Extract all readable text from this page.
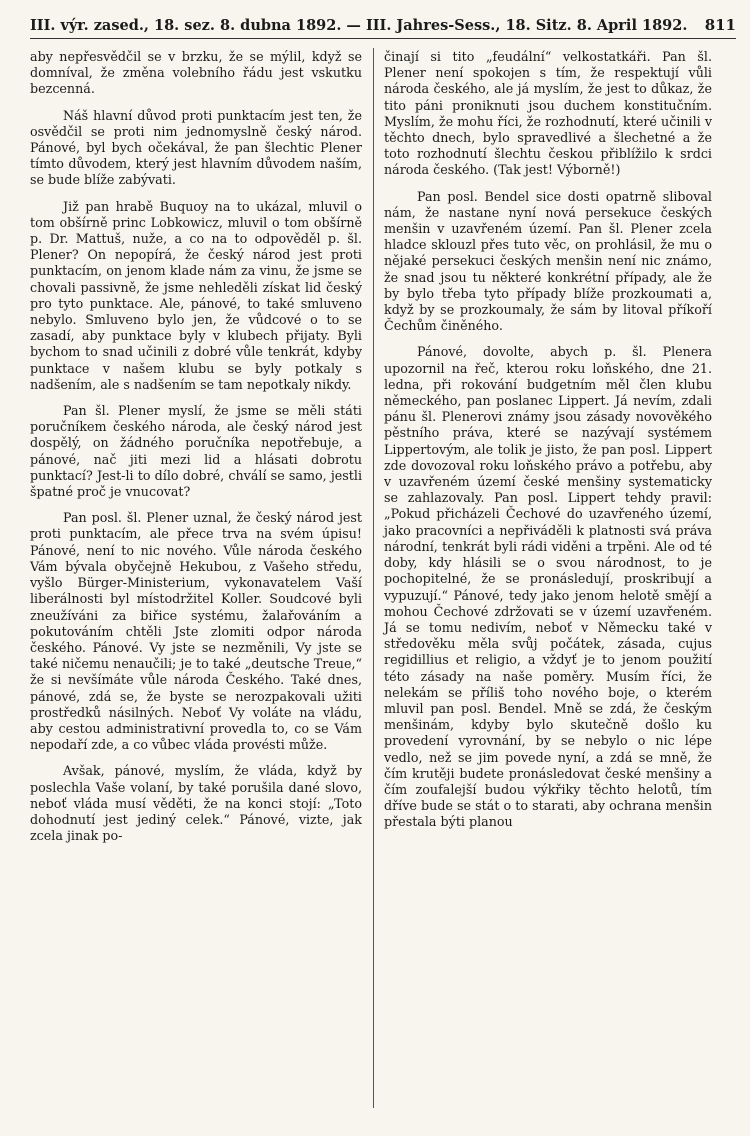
III. výr. zased., 18. sez. 8. dubna 1892. — III. Jahres-Sess., 18. Sitz. 8. April 1892. 811

aby nepřesvědčil se v brzku, že se mýlil, když se domníval, že změna volebního řádu jest vskutku bezcenná.

Náš hlavní důvod proti punktacím jest ten, že osvědčil se proti nim jednomyslně český národ. Pánové, byl bych očekával, že pan šlechtic Plener tímto důvodem, který jest hlavním důvodem naším, se bude blíže zabývati.

Již pan hrabě Buquoy na to ukázal, mluvil o tom obšírně princ Lobkowicz, mluvil o tom obšírně p. Dr. Mattuš, nuže, a co na to odpověděl p. šl. Plener? On nepopírá, že český národ jest proti punktacím, on jenom klade nám za vinu, že jsme se chovali passivně, že jsme nehleděli získat lid český pro tyto punktace. Ale, pánové, to také smluveno nebylo. Smluveno bylo jen, že vůdcové o to se zasadí, aby punktace byly v klubech přijaty. Byli bychom to snad učinili z dobré vůle tenkrát, kdyby punktace v našem klubu se byly potkaly s nadšením, ale s nadšením se tam nepotkaly nikdy.

Pan šl. Plener myslí, že jsme se měli státi poručníkem českého národa, ale český národ jest dospělý, on žádného poručníka nepotřebuje, a pánové, nač jiti mezi lid a hlásati dobrotu punktací? Jest-li to dílo dobré, chválí se samo, jestli špatné proč je vnucovat?

Pan posl. šl. Plener uznal, že český národ jest proti punktacím, ale přece trva na svém úpisu! Pánové, není to nic nového. Vůle národa českého Vám bývala obyčejně Hekubou, z Vašeho středu, vyšlo Bürger-Ministerium, vykonavatelem Vaší liberálnosti byl místodržitel Koller. Soudcové byli zneužíváni za biřice systému, žalařováním a pokutováním chtěli Jste zlomiti odpor národa českého. Pánové. Vy jste se nezměnili, Vy jste se také ničemu nenaučili; je to také „deutsche Treue,“ že si nevšímáte vůle národa Českého. Také dnes, pánové, zdá se, že byste se nerozpakovali užiti prostředků násilných. Neboť Vy voláte na vládu, aby cestou administrativní provedla to, co se Vám nepodaří zde, a co vůbec vláda provésti může.

Avšak, pánové, myslím, že vláda, když by poslechla Vaše volaní, by také porušila dané slovo, neboť vláda musí věděti, že na konci stojí: „Toto dohodnutí jest jediný celek.“ Pánové, vizte, jak zcela jinak po-

činají si tito „feudální“ velkostatkáři. Pan šl. Plener není spokojen s tím, že respektují vůli národa českého, ale já myslím, že jest to důkaz, že tito páni proniknuti jsou duchem konstitučním. Myslím, že mohu říci, že rozhodnutí, které učinili v těchto dnech, bylo spravedlivé a šlechetné a že toto rozhodnutí šlechtu českou přiblížilo k srdci národa českého. (Tak jest! Výborně!)

Pan posl. Bendel sice dosti opatrně sliboval nám, že nastane nyní nová persekuce českých menšin v uzavřeném území. Pan šl. Plener zcela hladce sklouzl přes tuto věc, on prohlásil, že mu o nějaké persekuci českých menšin není nic známo, že snad jsou tu některé konkrétní případy, ale že by bylo třeba tyto případy blíže prozkoumati a, když by se prozkoumaly, že sám by litoval příkoří Čechům činěného.

Pánové, dovolte, abych p. šl. Plenera upozornil na řeč, kterou roku loňského, dne 21. ledna, při rokování budgetním měl člen klubu německého, pan poslanec Lippert. Já nevím, zdali pánu šl. Plenerovi známy jsou zásady novověkého pěstního práva, které se nazývají systémem Lippertovým, ale tolik je jisto, že pan posl. Lippert zde dovozoval roku loňského právo a potřebu, aby v uzavřeném území české menšiny systematicky se zahlazovaly. Pan posl. Lippert tehdy pravil: „Pokud přicházeli Čechové do uzavřeného území, jako pracovníci a nepřiváděli k platnosti svá práva národní, tenkrát byli rádi viděni a trpěni. Ale od té doby, kdy hlásili se o svou národnost, to je pochopitelné, že se pronásledují, proskribují a vypuzují.“ Pánové, tedy jako jenom helotě smějí a mohou Čechové zdržovati se v území uzavřeném. Já se tomu nedivím, neboť v Německu také v středověku měla svůj počátek, zásada, cujus regidillius et religio, a vždyť je to jenom použití této zásady na naše poměry. Musím říci, že nelekám se příliš toho nového boje, o kterém mluvil pan posl. Bendel. Mně se zdá, že českým menšinám, kdyby bylo skutečně došlo ku provedení vyrovnání, by se nebylo o nic lépe vedlo, než se jim povede nyní, a zdá se mně, že čím krutěji budete pronásledovat české menšiny a čím zoufalejší budou výkřiky těchto helotů, tím dříve bude se stát o to starati, aby ochrana menšin přestala býti planou
